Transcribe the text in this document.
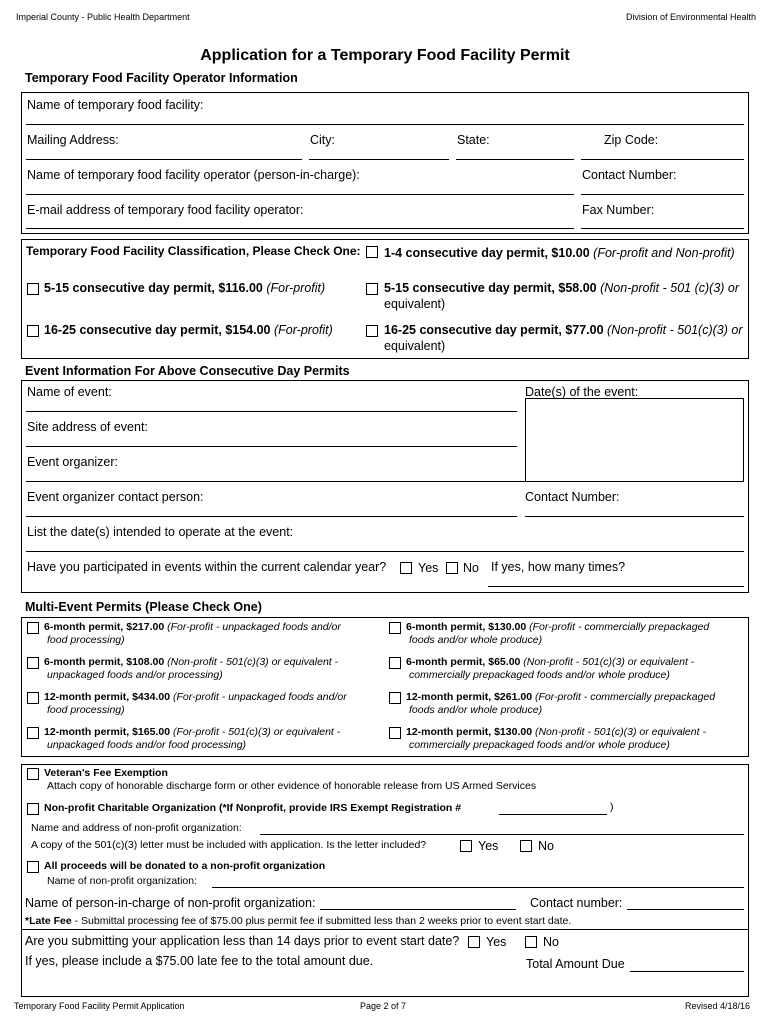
Imperial County - Public Health Department	Division of Environmental Health
Application for a Temporary Food Facility Permit
Temporary Food Facility Operator Information
Name of temporary food facility:
Mailing Address:	City:	State:	Zip Code:
Name of temporary food facility operator (person-in-charge):	Contact Number:
E-mail address of temporary food facility operator:	Fax Number:
Temporary Food Facility Classification, Please Check One: 1-4 consecutive day permit, $10.00 (For-profit and Non-profit)
5-15 consecutive day permit, $116.00 (For-profit)	5-15 consecutive day permit, $58.00 (Non-profit - 501 (c)(3) or
equivalent)
16-25 consecutive day permit, $154.00 (For-profit)	16-25 consecutive day permit, $77.00 (Non-profit - 501(c)(3) or
equivalent)
Event Information For Above Consecutive Day Permits
Name of event:	Date(s) of the event:
Site address of event:
Event organizer:
Event organizer contact person:	Contact Number:
List the date(s) intended to operate at the event:
Have you participated in events within the current calendar year?	Yes No If yes, how many times?
Multi-Event Permits (Please Check One)
6-month permit, $217.00 (For-profit - unpackaged foods and/or
food processing)
6-month permit, $130.00 (For-profit - commercially prepackaged
foods and/or whole produce)
6-month permit, $108.00 (Non-profit - 501(c)(3) or equivalent -
unpackaged foods and/or processing)
6-month permit, $65.00 (Non-profit - 501(c)(3) or equivalent -
commercially prepackaged foods and/or whole produce)
12-month permit, $434.00 (For-profit - unpackaged foods and/or
food processing)
12-month permit, $261.00 (For-profit - commercially prepackaged
foods and/or whole produce)
12-month permit, $165.00 (For-profit - 501(c)(3) or equivalent -
unpackaged foods and/or food processing)
12-month permit, $130.00 (Non-profit - 501(c)(3) or equivalent -
commercially prepackaged foods and/or whole produce)
Veteran's Fee Exemption
Attach copy of honorable discharge form or other evidence of honorable release from US Armed Services
Non-profit Charitable Organization (*If Nonprofit, provide IRS Exempt Registration #	)
Name and address of non-profit organization:
A copy of the 501(c)(3) letter must be included with application. Is the letter included?	Yes	No
All proceeds will be donated to a non-profit organization
Name of non-profit organization:
Name of person-in-charge of non-profit organization:	Contact number:
*Late Fee - Submittal processing fee of $75.00 plus permit fee if submitted less than 2 weeks prior to event start date.
Are you submitting your application less than 14 days prior to event start date? Yes	No
If yes, please include a $75.00 late fee to the total amount due.	Total Amount Due
Temporary Food Facility Permit Application	Page 2 of 7	Revised 4/18/16
